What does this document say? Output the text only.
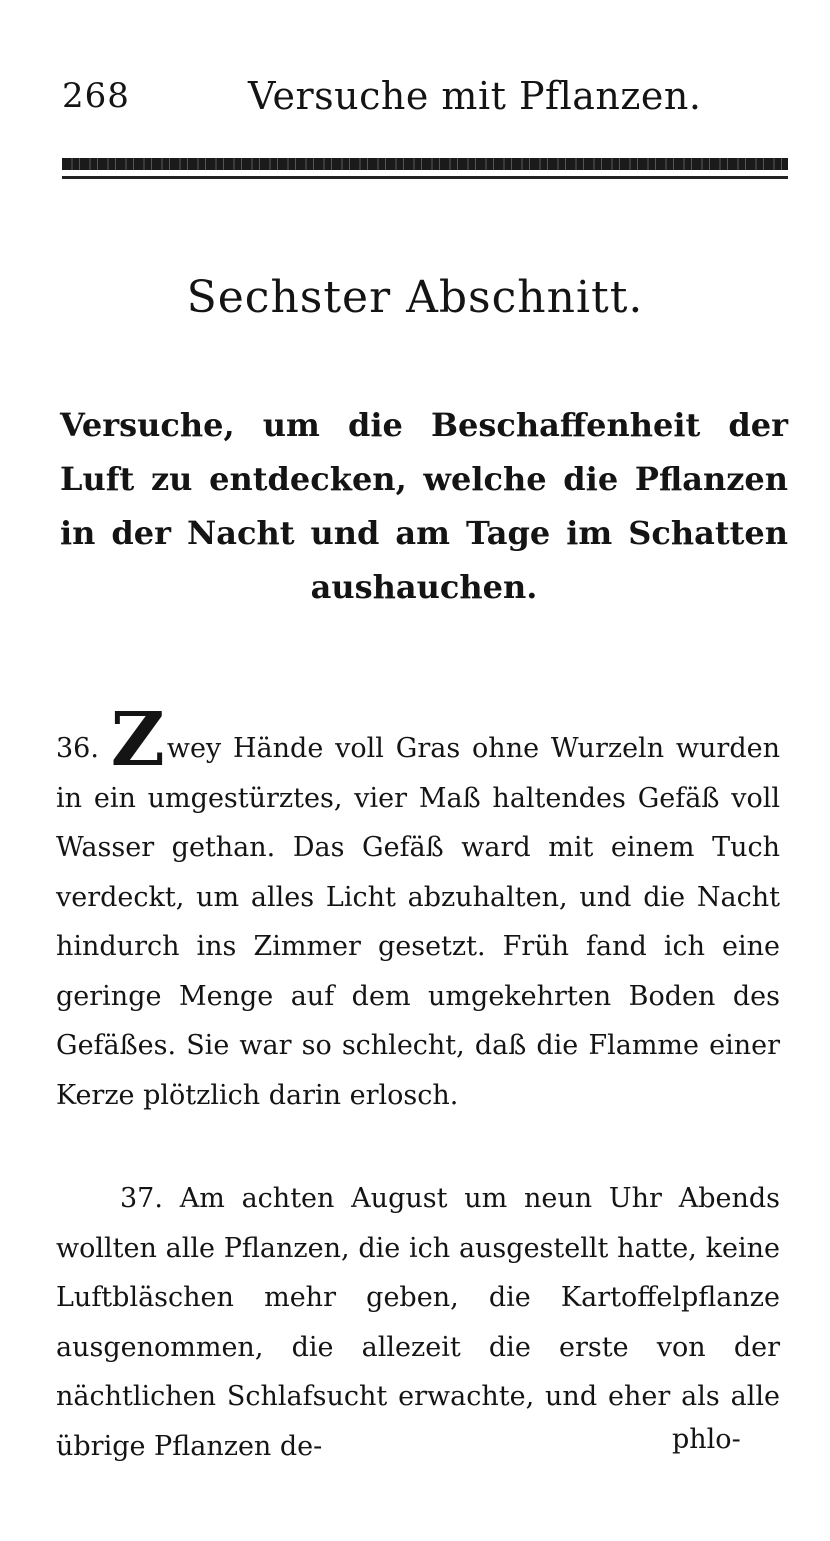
268	Versuche mit Pflanzen.
Sechster Abschnitt.
Versuche, um die Beschaffenheit der Luft zu entdecken, welche die Pflanzen in der Nacht und am Tage im Schatten aushauchen.
36. Zwey Hände voll Gras ohne Wurzeln wurden in ein umgestürztes, vier Maß haltendes Gefäß voll Wasser gethan. Das Gefäß ward mit einem Tuch verdeckt, um alles Licht abzuhalten, und die Nacht hindurch ins Zimmer gesetzt. Früh fand ich eine geringe Menge auf dem umgekehrten Boden des Gefäßes. Sie war so schlecht, daß die Flamme einer Kerze plötzlich darin erlosch.
37. Am achten August um neun Uhr Abends wollten alle Pflanzen, die ich ausgestellt hatte, keine Luftbläschen mehr geben, die Kartoffelpflanze ausgenommen, die allezeit die erste von der nächtlichen Schlafsucht erwachte, und eher als alle übrige Pflanzen de-	phlo-
